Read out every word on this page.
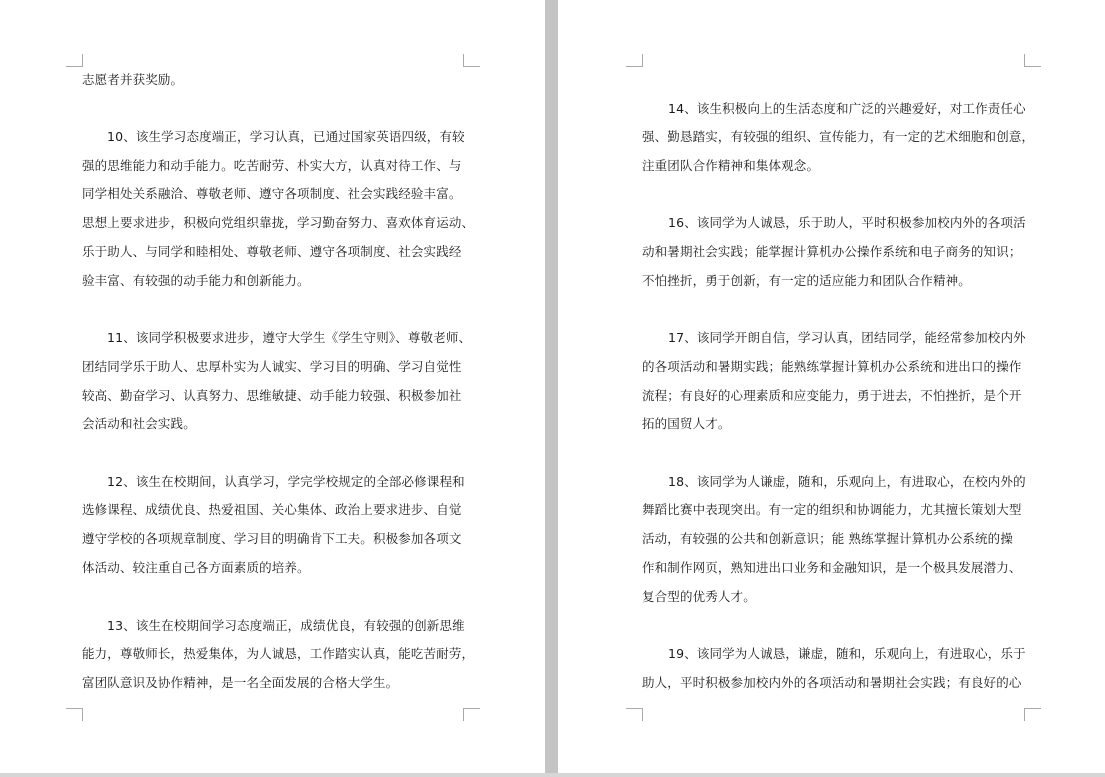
志愿者并获奖励。
10、该生学习态度端正，学习认真，已通过国家英语四级，有较
强的思维能力和动手能力。吃苦耐劳、朴实大方，认真对待工作、与
同学相处关系融洽、尊敬老师、遵守各项制度、社会实践经验丰富。
思想上要求进步，积极向党组织靠拢，学习勤奋努力、喜欢体育运动、
乐于助人、与同学和睦相处、尊敬老师、遵守各项制度、社会实践经
验丰富、有较强的动手能力和创新能力。
11、该同学积极要求进步，遵守大学生《学生守则》、尊敬老师、
团结同学乐于助人、忠厚朴实为人诚实、学习目的明确、学习自觉性
较高、勤奋学习、认真努力、思维敏捷、动手能力较强、积极参加社
会活动和社会实践。
12、该生在校期间，认真学习，学完学校规定的全部必修课程和
选修课程、成绩优良、热爱祖国、关心集体、政治上要求进步、自觉
遵守学校的各项规章制度、学习目的明确肯下工夫。积极参加各项文
体活动、较注重自己各方面素质的培养。
13、该生在校期间学习态度端正，成绩优良，有较强的创新思维
能力，尊敬师长，热爱集体，为人诚恳，工作踏实认真，能吃苦耐劳，
富团队意识及协作精神，是一名全面发展的合格大学生。
14、该生积极向上的生活态度和广泛的兴趣爱好，对工作责任心
强、勤恳踏实，有较强的组织、宣传能力，有一定的艺术细胞和创意，
注重团队合作精神和集体观念。
16、该同学为人诚恳，乐于助人，平时积极参加校内外的各项活
动和暑期社会实践；能掌握计算机办公操作系统和电子商务的知识；
不怕挫折，勇于创新，有一定的适应能力和团队合作精神。
17、该同学开朗自信，学习认真，团结同学，能经常参加校内外
的各项活动和暑期实践；能熟练掌握计算机办公系统和进出口的操作
流程；有良好的心理素质和应变能力，勇于进去，不怕挫折，是个开
拓的国贸人才。
18、该同学为人谦虚，随和，乐观向上，有进取心，在校内外的
舞蹈比赛中表现突出。有一定的组织和协调能力，尤其擅长策划大型
活动，有较强的公共和创新意识；能 熟练掌握计算机办公系统的操
作和制作网页，熟知进出口业务和金融知识，是一个极具发展潜力、
复合型的优秀人才。
19、该同学为人诚恳，谦虚，随和，乐观向上，有进取心，乐于
助人，平时积极参加校内外的各项活动和暑期社会实践；有良好的心
